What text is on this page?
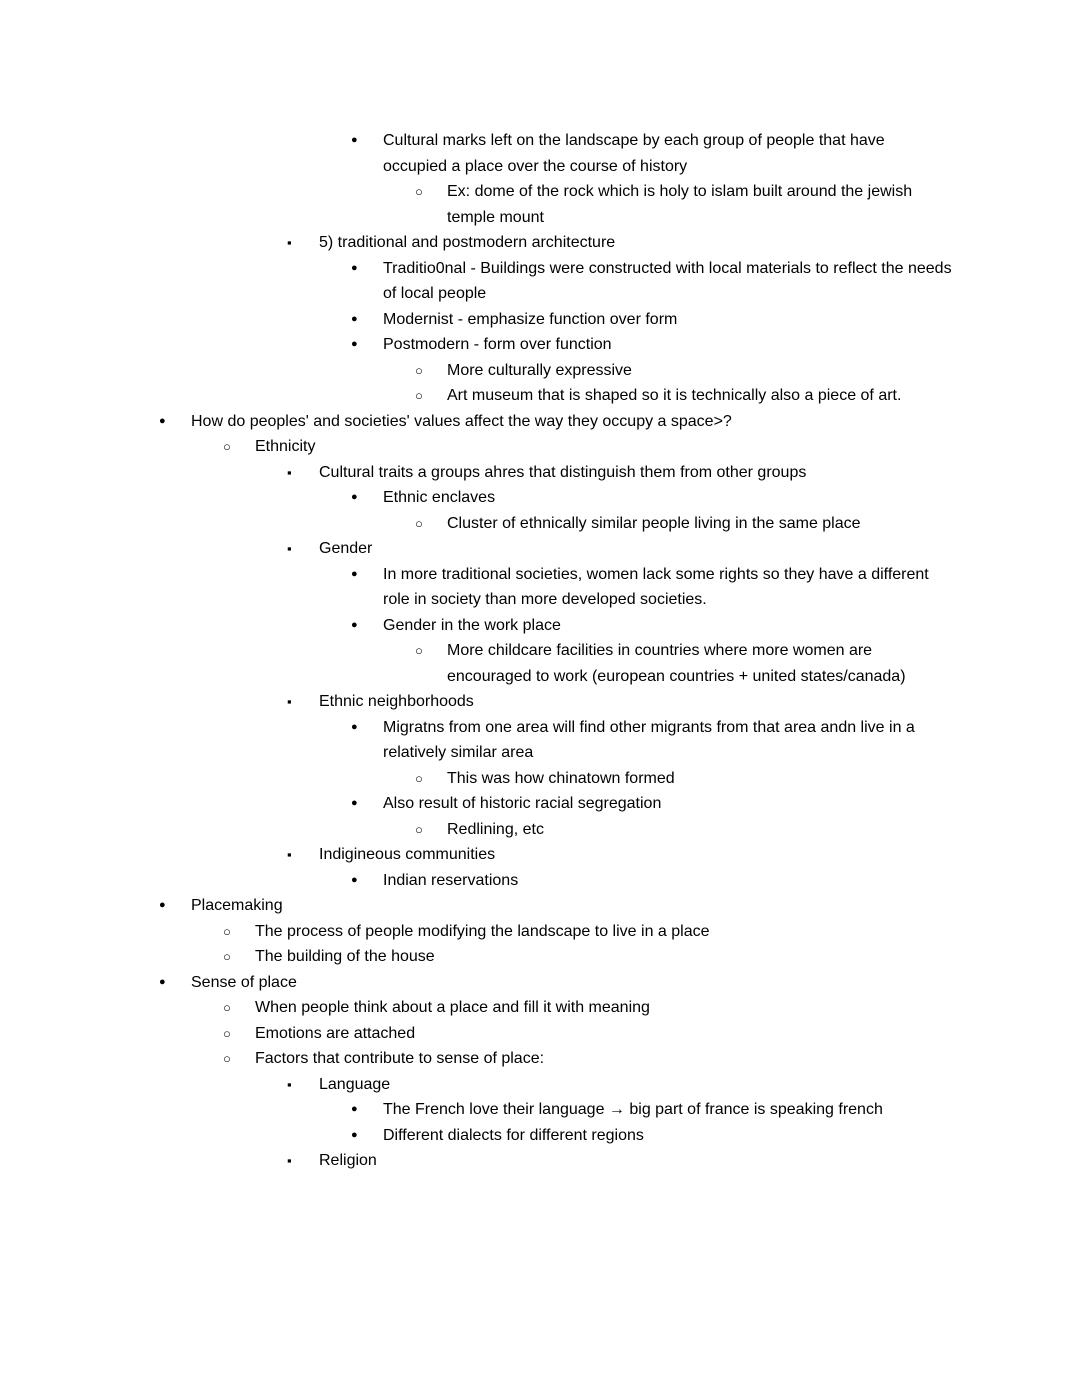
●	Cultural marks left on the landscape by each group of people that have occupied a place over the course of history
○	Ex: dome of the rock which is holy to islam built around the jewish temple mount
▪	5) traditional and postmodern architecture
●	Traditio0nal - Buildings were constructed with local materials to reflect the needs of local people
●	Modernist - emphasize function over form
●	Postmodern - form over function
○	More culturally expressive
○	Art museum that is shaped so it is technically also a piece of art.
●	How do peoples' and societies' values affect the way they occupy a space>?
○	Ethnicity
▪	Cultural traits a groups ahres that distinguish them from other groups
●	Ethnic enclaves
○	Cluster of ethnically similar people living in the same place
▪	Gender
●	In more traditional societies, women lack some rights so they have a different role in society than more developed societies.
●	Gender in the work place
○	More childcare facilities in countries where more women are encouraged to work (european countries + united states/canada)
▪	Ethnic neighborhoods
●	Migratns from one area will find other migrants from that area andn live in a relatively similar area
○	This was how chinatown formed
●	Also result of historic racial segregation
○	Redlining, etc
▪	Indigineous communities
●	Indian reservations
●	Placemaking
○	The process of people modifying the landscape to live in a place
○	The building of the house
●	Sense of place
○	When people think about a place and fill it with meaning
○	Emotions are attached
○	Factors that contribute to sense of place:
▪	Language
●	The French love their language → big part of france is speaking french
●	Different dialects for different regions
▪	Religion
